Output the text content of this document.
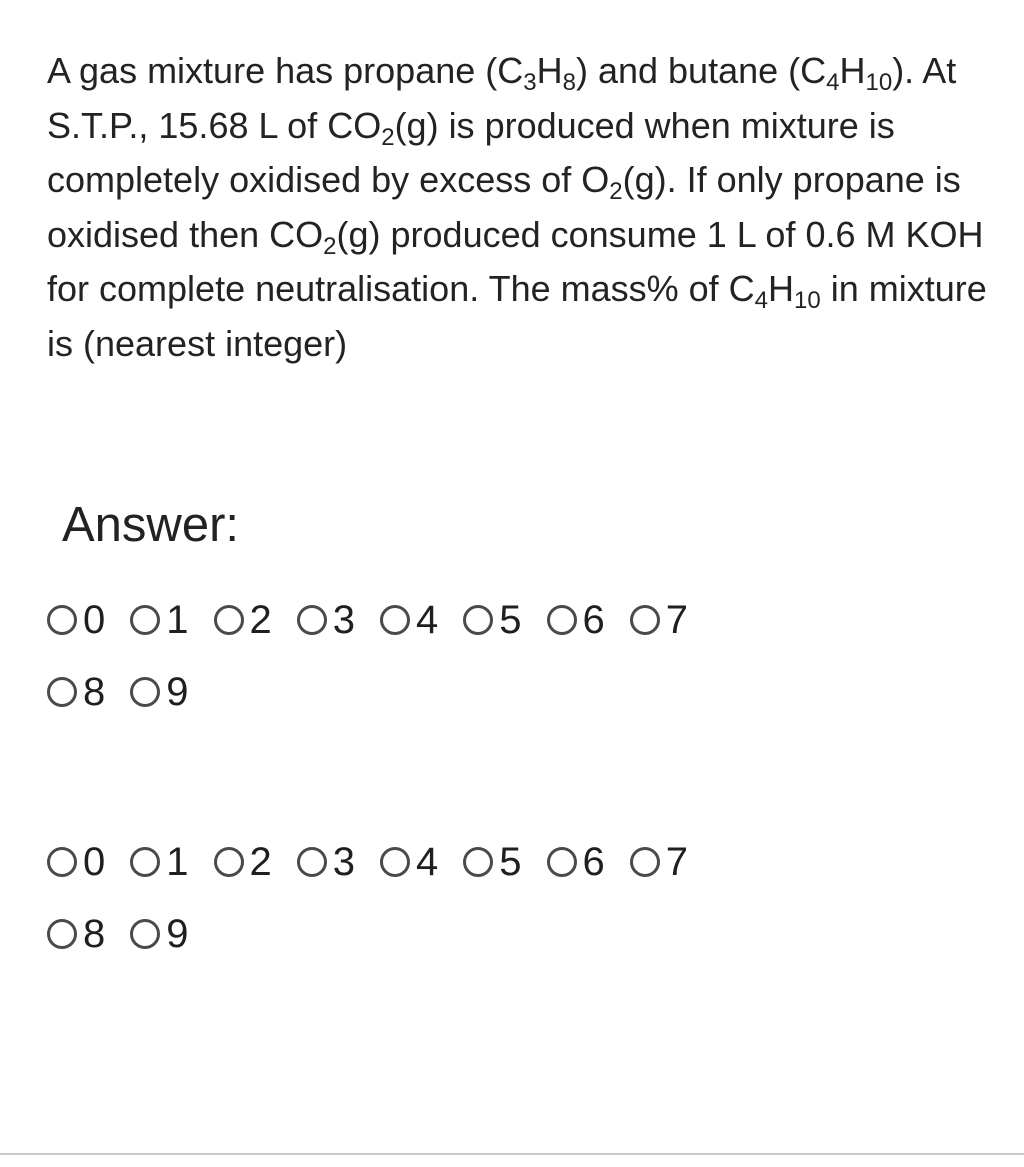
A gas mixture has propane $(C_3H_8)$ and butane $(C_4H_{10})$. At S.T.P., 15.68 L of $CO_2(g)$ is produced when mixture is completely oxidised by excess of $O_2(g)$. If only propane is oxidised then $CO_2(g)$ produced consume 1 L of 0.6 M KOH for complete neutralisation. The mass% of $C_4H_{10}$ in mixture is (nearest integer)

Answer:
0 1 2 3 4 5 6 7
8 9
0 1 2 3 4 5 6 7
8 9
